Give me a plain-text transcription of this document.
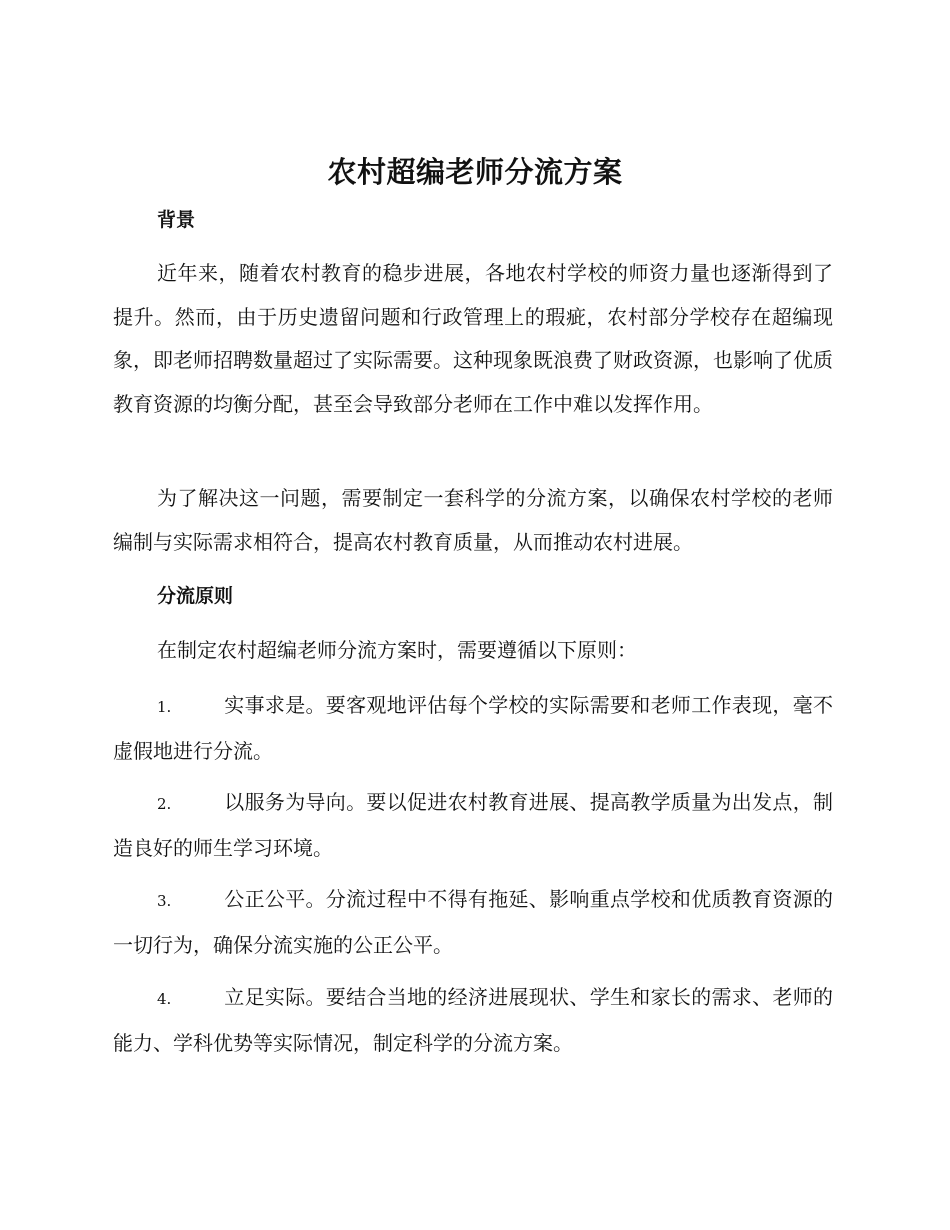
农村超编老师分流方案
背景

近年来，随着农村教育的稳步进展，各地农村学校的师资力量也逐渐得到了提升。然而，由于历史遗留问题和行政管理上的瑕疵，农村部分学校存在超编现象，即老师招聘数量超过了实际需要。这种现象既浪费了财政资源，也影响了优质教育资源的均衡分配，甚至会导致部分老师在工作中难以发挥作用。

为了解决这一问题，需要制定一套科学的分流方案，以确保农村学校的老师编制与实际需求相符合，提高农村教育质量，从而推动农村进展。

分流原则

在制定农村超编老师分流方案时，需要遵循以下原则：

1.	实事求是。要客观地评估每个学校的实际需要和老师工作表现，毫不虚假地进行分流。

2.	以服务为导向。要以促进农村教育进展、提高教学质量为出发点，制造良好的师生学习环境。

3.	公正公平。分流过程中不得有拖延、影响重点学校和优质教育资源的一切行为，确保分流实施的公正公平。

4.	立足实际。要结合当地的经济进展现状、学生和家长的需求、老师的能力、学科优势等实际情况，制定科学的分流方案。
